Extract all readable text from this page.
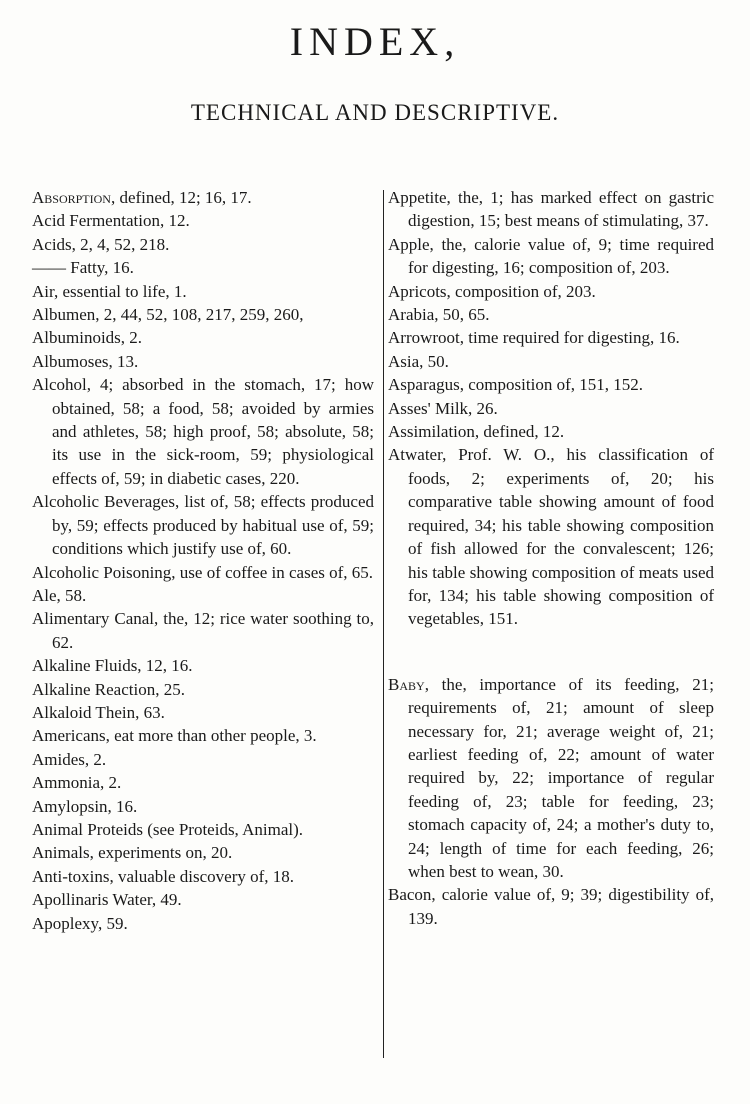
INDEX,
TECHNICAL AND DESCRIPTIVE.
Absorption, defined, 12; 16, 17.
Acid Fermentation, 12.
Acids, 2, 4, 52, 218.
—— Fatty, 16.
Air, essential to life, 1.
Albumen, 2, 44, 52, 108, 217, 259, 260,
Albuminoids, 2.
Albumoses, 13.
Alcohol, 4; absorbed in the stomach, 17; how obtained, 58; a food, 58; avoided by armies and athletes, 58; high proof, 58; absolute, 58; its use in the sick-room, 59; physiological effects of, 59; in diabetic cases, 220.
Alcoholic Beverages, list of, 58; effects produced by, 59; effects produced by habitual use of, 59; conditions which justify use of, 60.
Alcoholic Poisoning, use of coffee in cases of, 65.
Ale, 58.
Alimentary Canal, the, 12; rice water soothing to, 62.
Alkaline Fluids, 12, 16.
Alkaline Reaction, 25.
Alkaloid Thein, 63.
Americans, eat more than other people, 3.
Amides, 2.
Ammonia, 2.
Amylopsin, 16.
Animal Proteids (see Proteids, Animal).
Animals, experiments on, 20.
Anti-toxins, valuable discovery of, 18.
Apollinaris Water, 49.
Apoplexy, 59.
Appetite, the, 1; has marked effect on gastric digestion, 15; best means of stimulating, 37.
Apple, the, calorie value of, 9; time required for digesting, 16; composition of, 203.
Apricots, composition of, 203.
Arabia, 50, 65.
Arrowroot, time required for digesting, 16.
Asia, 50.
Asparagus, composition of, 151, 152.
Asses' Milk, 26.
Assimilation, defined, 12.
Atwater, Prof. W. O., his classification of foods, 2; experiments of, 20; his comparative table showing amount of food required, 34; his table showing composition of fish allowed for the convalescent; 126; his table showing composition of meats used for, 134; his table showing composition of vegetables, 151.
Baby, the, importance of its feeding, 21; requirements of, 21; amount of sleep necessary for, 21; average weight of, 21; earliest feeding of, 22; amount of water required by, 22; importance of regular feeding of, 23; table for feeding, 23; stomach capacity of, 24; a mother's duty to, 24; length of time for each feeding, 26; when best to wean, 30.
Bacon, calorie value of, 9; 39; digestibility of, 139.
